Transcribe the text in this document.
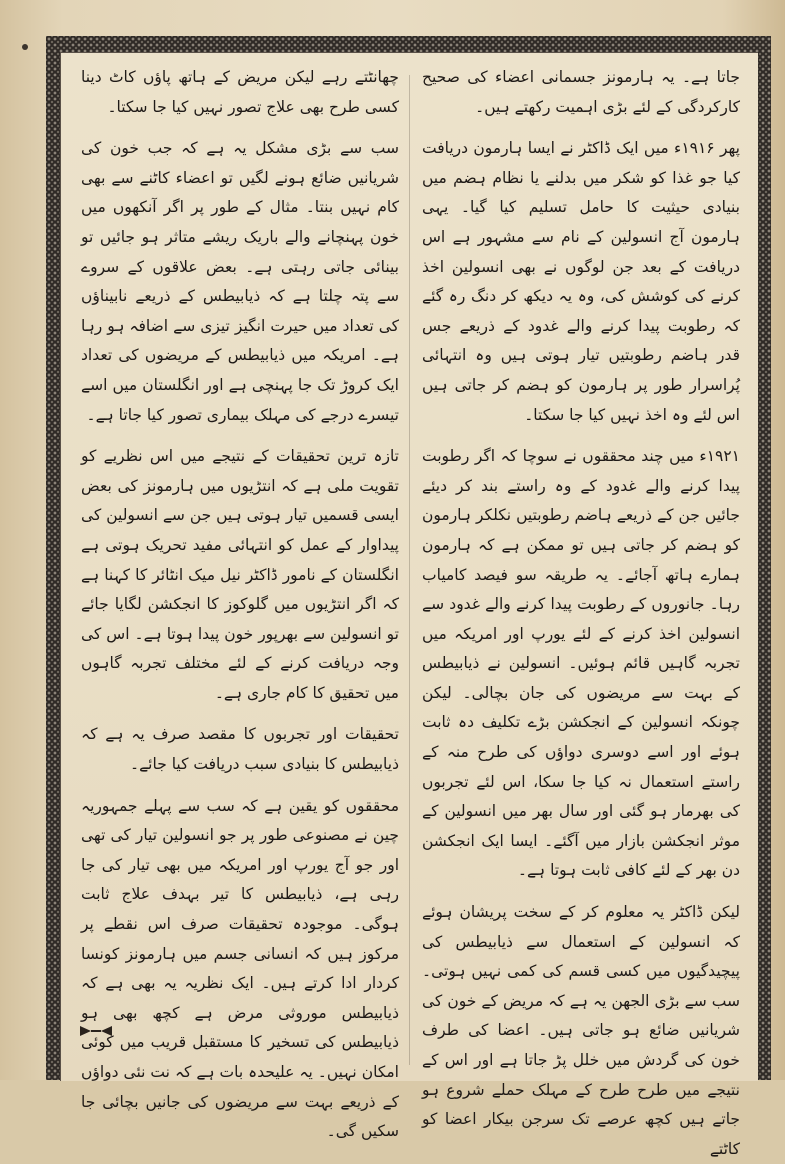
جاتا ہے۔ یہ ہارمونز جسمانی اعضاء کی صحیح کارکردگی کے لئے بڑی اہمیت رکھتے ہیں۔

پھر ۱۹۱۶ء میں ایک ڈاکٹر نے ایسا ہارمون دریافت کیا جو غذا کو شکر میں بدلنے یا نظام ہضم میں بنیادی حیثیت کا حامل تسلیم کیا گیا۔ یہی ہارمون آج انسولین کے نام سے مشہور ہے اس دریافت کے بعد جن لوگوں نے بھی انسولین اخذ کرنے کی کوشش کی، وہ یہ دیکھ کر دنگ رہ گئے کہ رطوبت پیدا کرنے والے غدود کے ذریعے جس قدر ہاضم رطوبتیں تیار ہوتی ہیں وہ انتہائی پُراسرار طور پر ہارمون کو ہضم کر جاتی ہیں اس لئے وہ اخذ نہیں کیا جا سکتا۔

۱۹۲۱ء میں چند محققوں نے سوچا کہ اگر رطوبت پیدا کرنے والے غدود کے وہ راستے بند کر دیئے جائیں جن کے ذریعے ہاضم رطوبتیں نکلکر ہارمون کو ہضم کر جاتی ہیں تو ممکن ہے کہ ہارمون ہمارے ہاتھ آجائے۔ یہ طریقہ سو فیصد کامیاب رہا۔ جانوروں کے رطوبت پیدا کرنے والے غدود سے انسولین اخذ کرنے کے لئے یورپ اور امریکہ میں تجربہ گاہیں قائم ہوئیں۔ انسولین نے ذیابیطس کے بہت سے مریضوں کی جان بچالی۔ لیکن چونکہ انسولین کے انجکشن بڑے تکلیف دہ ثابت ہوئے اور اسے دوسری دواؤں کی طرح منہ کے راستے استعمال نہ کیا جا سکا، اس لئے تجربوں کی بھرمار ہو گئی اور سال بھر میں انسولین کے موثر انجکشن بازار میں آگئے۔ ایسا ایک انجکشن دن بھر کے لئے کافی ثابت ہوتا ہے۔

لیکن ڈاکٹر یہ معلوم کر کے سخت پریشان ہوئے کہ انسولین کے استعمال سے ذیابیطس کی پیچیدگیوں میں کسی قسم کی کمی نہیں ہوتی۔ سب سے بڑی الجھن یہ ہے کہ مریض کے خون کی شریانیں ضائع ہو جاتی ہیں۔ اعضا کی طرف خون کی گردش میں خلل پڑ جاتا ہے اور اس کے نتیجے میں طرح طرح کے مہلک حملے شروع ہو جاتے ہیں کچھ عرصے تک سرجن بیکار اعضا کو کاٹتے

چھانٹتے رہے لیکن مریض کے ہاتھ پاؤں کاٹ دینا کسی طرح بھی علاج تصور نہیں کیا جا سکتا۔

سب سے بڑی مشکل یہ ہے کہ جب خون کی شریانیں ضائع ہونے لگیں تو اعضاء کاٹنے سے بھی کام نہیں بنتا۔ مثال کے طور پر اگر آنکھوں میں خون پہنچانے والے باریک ریشے متاثر ہو جائیں تو بینائی جاتی رہتی ہے۔ بعض علاقوں کے سروے سے پتہ چلتا ہے کہ ذیابیطس کے ذریعے نابیناؤں کی تعداد میں حیرت انگیز تیزی سے اضافہ ہو رہا ہے۔ امریکہ میں ذیابیطس کے مریضوں کی تعداد ایک کروڑ تک جا پہنچی ہے اور انگلستان میں اسے تیسرے درجے کی مہلک بیماری تصور کیا جاتا ہے۔

تازہ ترین تحقیقات کے نتیجے میں اس نظریے کو تقویت ملی ہے کہ انتڑیوں میں ہارمونز کی بعض ایسی قسمیں تیار ہوتی ہیں جن سے انسولین کی پیداوار کے عمل کو انتہائی مفید تحریک ہوتی ہے انگلستان کے نامور ڈاکٹر نیل میک انٹائر کا کہنا ہے کہ اگر انتڑیوں میں گلوکوز کا انجکشن لگایا جائے تو انسولین سے بھرپور خون پیدا ہوتا ہے۔ اس کی وجہ دریافت کرنے کے لئے مختلف تجربہ گاہوں میں تحقیق کا کام جاری ہے۔

تحقیقات اور تجربوں کا مقصد صرف یہ ہے کہ ذیابیطس کا بنیادی سبب دریافت کیا جائے۔

محققوں کو یقین ہے کہ سب سے پہلے جمہوریہ چین نے مصنوعی طور پر جو انسولین تیار کی تھی اور جو آج یورپ اور امریکہ میں بھی تیار کی جا رہی ہے، ذیابیطس کا تیر بہدف علاج ثابت ہوگی۔ موجودہ تحقیقات صرف اس نقطے پر مرکوز ہیں کہ انسانی جسم میں ہارمونز کونسا کردار ادا کرتے ہیں۔ ایک نظریہ یہ بھی ہے کہ ذیابیطس موروثی مرض ہے کچھ بھی ہو ذیابیطس کی تسخیر کا مستقبل قریب میں کوئی امکان نہیں۔ یہ علیحدہ بات ہے کہ نت نئی دواؤں کے ذریعے بہت سے مریضوں کی جانیں بچائی جا سکیں گی۔
